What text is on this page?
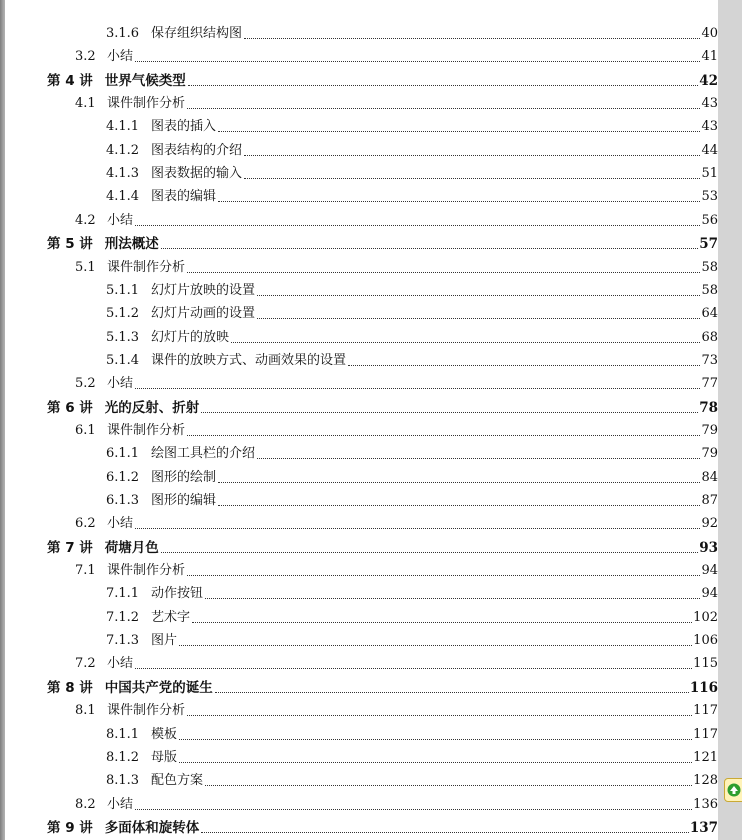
3.1.6 保存组织结构图	40
3.2 小结	41
第 4 讲 世界气候类型	42
4.1 课件制作分析	43
4.1.1 图表的插入	43
4.1.2 图表结构的介绍	44
4.1.3 图表数据的输入	51
4.1.4 图表的编辑	53
4.2 小结	56
第 5 讲 刑法概述	57
5.1 课件制作分析	58
5.1.1 幻灯片放映的设置	58
5.1.2 幻灯片动画的设置	64
5.1.3 幻灯片的放映	68
5.1.4 课件的放映方式、动画效果的设置	73
5.2 小结	77
第 6 讲 光的反射、折射	78
6.1 课件制作分析	79
6.1.1 绘图工具栏的介绍	79
6.1.2 图形的绘制	84
6.1.3 图形的编辑	87
6.2 小结	92
第 7 讲 荷塘月色	93
7.1 课件制作分析	94
7.1.1 动作按钮	94
7.1.2 艺术字	102
7.1.3 图片	106
7.2 小结	115
第 8 讲 中国共产党的诞生	116
8.1 课件制作分析	117
8.1.1 模板	117
8.1.2 母版	121
8.1.3 配色方案	128
8.2 小结	136
第 9 讲 多面体和旋转体	137
